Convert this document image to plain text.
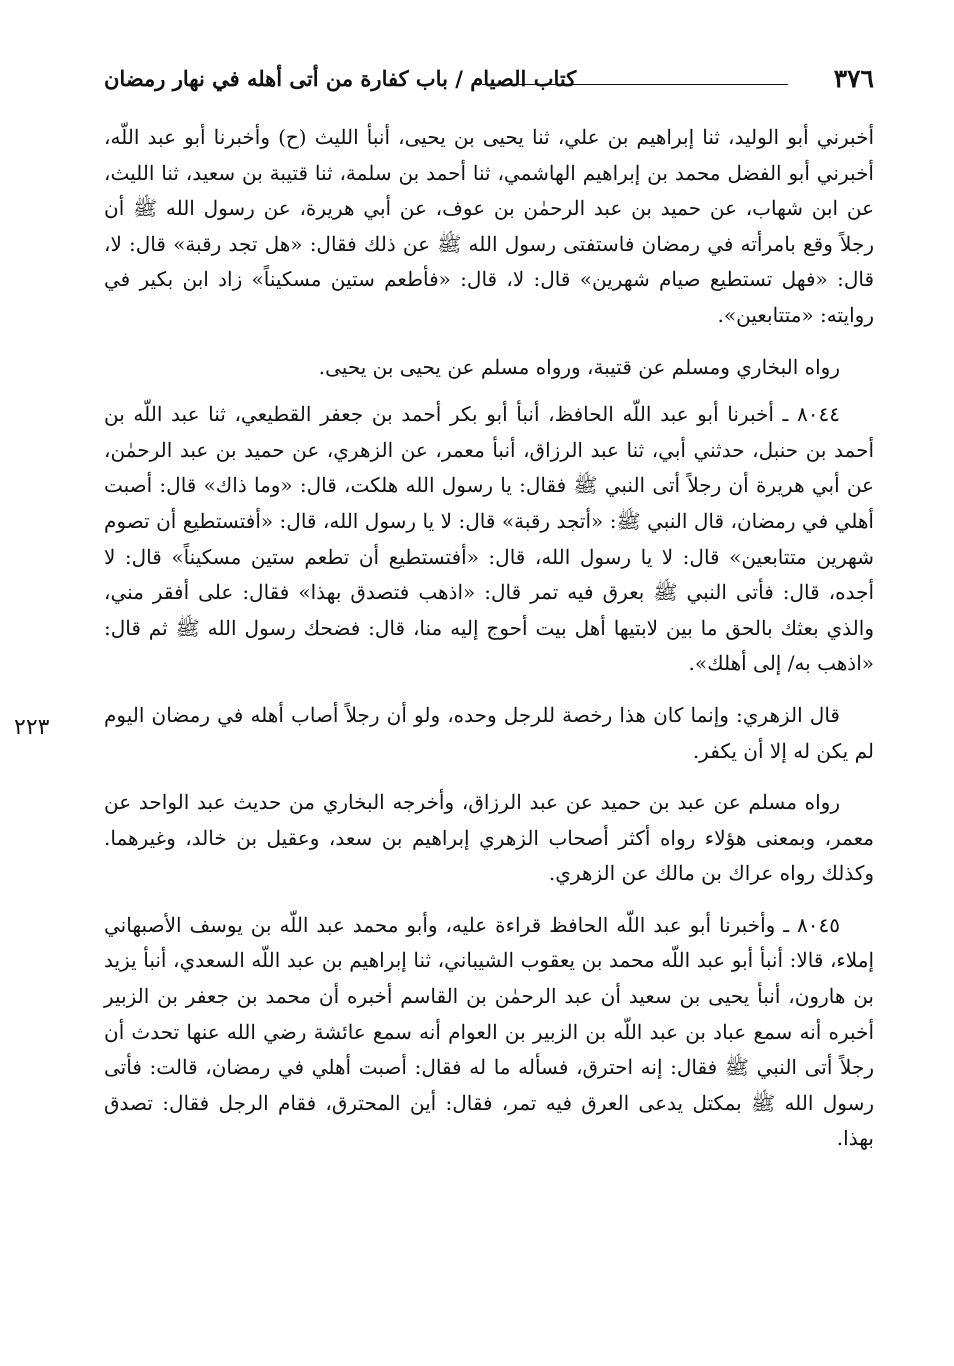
٣٧٦
كتاب الصيام / باب كفارة من أتى أهله في نهار رمضان

أخبرني أبو الوليد، ثنا إبراهيم بن علي، ثنا يحيى بن يحيى، أنبأ الليث (ح) وأخبرنا أبو عبد اللّه، أخبرني أبو الفضل محمد بن إبراهيم الهاشمي، ثنا أحمد بن سلمة، ثنا قتيبة بن سعيد، ثنا الليث، عن ابن شهاب، عن حميد بن عبد الرحمٰن بن عوف، عن أبي هريرة، عن رسول الله ﷺ أن رجلاً وقع بامرأته في رمضان فاستفتى رسول الله ﷺ عن ذلك فقال: «هل تجد رقبة» قال: لا، قال: «فهل تستطيع صيام شهرين» قال: لا، قال: «فأطعم ستين مسكيناً» زاد ابن بكير في روايته: «متتابعين».

رواه البخاري ومسلم عن قتيبة، ورواه مسلم عن يحيى بن يحيى.

٨٠٤٤ ـ أخبرنا أبو عبد اللّه الحافظ، أنبأ أبو بكر أحمد بن جعفر القطيعي، ثنا عبد اللّه بن أحمد بن حنبل، حدثني أبي، ثنا عبد الرزاق، أنبأ معمر، عن الزهري، عن حميد بن عبد الرحمٰن، عن أبي هريرة أن رجلاً أتى النبي ﷺ فقال: يا رسول الله هلكت، قال: «وما ذاك» قال: أصبت أهلي في رمضان، قال النبي ﷺ: «أتجد رقبة» قال: لا يا رسول الله، قال: «أفتستطيع أن تصوم شهرين متتابعين» قال: لا يا رسول الله، قال: «أفتستطيع أن تطعم ستين مسكيناً» قال: لا أجده، قال: فأتى النبي ﷺ بعرق فيه تمر قال: «اذهب فتصدق بهذا» فقال: على أفقر مني، والذي بعثك بالحق ما بين لابتيها أهل بيت أحوج إليه منا، قال: فضحك رسول الله ﷺ ثم قال: «اذهب به/ إلى أهلك».

قال الزهري: وإنما كان هذا رخصة للرجل وحده، ولو أن رجلاً أصاب أهله في رمضان اليوم لم يكن له إلا أن يكفر.

رواه مسلم عن عبد بن حميد عن عبد الرزاق، وأخرجه البخاري من حديث عبد الواحد عن معمر، وبمعنى هؤلاء رواه أكثر أصحاب الزهري إبراهيم بن سعد، وعقيل بن خالد، وغيرهما. وكذلك رواه عراك بن مالك عن الزهري.

٨٠٤٥ ـ وأخبرنا أبو عبد اللّه الحافظ قراءة عليه، وأبو محمد عبد اللّه بن يوسف الأصبهاني إملاء، قالا: أنبأ أبو عبد اللّه محمد بن يعقوب الشيباني، ثنا إبراهيم بن عبد اللّه السعدي، أنبأ يزيد بن هارون، أنبأ يحيى بن سعيد أن عبد الرحمٰن بن القاسم أخبره أن محمد بن جعفر بن الزبير أخبره أنه سمع عباد بن عبد اللّه بن الزبير بن العوام أنه سمع عائشة رضي الله عنها تحدث أن رجلاً أتى النبي ﷺ فقال: إنه احترق، فسأله ما له فقال: أصبت أهلي في رمضان، قالت: فأتى رسول الله ﷺ بمكتل يدعى العرق فيه تمر، فقال: أين المحترق، فقام الرجل فقال: تصدق بهذا.

٢٢٣
